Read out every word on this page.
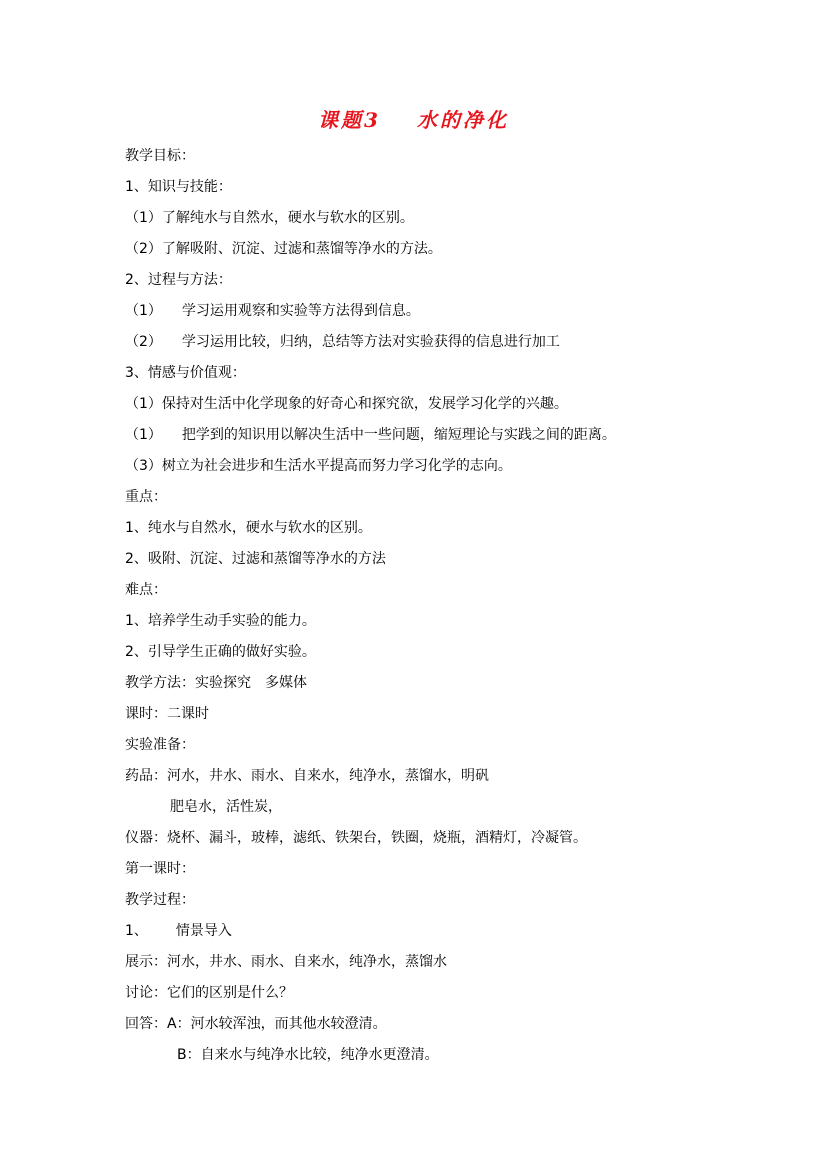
课题3 水的净化
教学目标：
1、知识与技能：
（1）了解纯水与自然水，硬水与软水的区别。
（2）了解吸附、沉淀、过滤和蒸馏等净水的方法。
2、过程与方法：
（1） 学习运用观察和实验等方法得到信息。
（2） 学习运用比较，归纳，总结等方法对实验获得的信息进行加工
3、情感与价值观：
（1）保持对生活中化学现象的好奇心和探究欲，发展学习化学的兴趣。
（1） 把学到的知识用以解决生活中一些问题，缩短理论与实践之间的距离。
（3）树立为社会进步和生活水平提高而努力学习化学的志向。
重点：
1、纯水与自然水，硬水与软水的区别。
2、吸附、沉淀、过滤和蒸馏等净水的方法
难点：
1、培养学生动手实验的能力。
2、引导学生正确的做好实验。
教学方法：实验探究　多媒体
课时：二课时
实验准备：
药品：河水，井水、雨水、自来水，纯净水，蒸馏水，明矾
肥皂水，活性炭，
仪器：烧杯、漏斗，玻棒，滤纸、铁架台，铁圈，烧瓶，酒精灯，冷凝管。
第一课时：
教学过程：
1、 情景导入
展示：河水，井水、雨水、自来水，纯净水，蒸馏水
讨论：它们的区别是什么？
回答：A：河水较浑浊，而其他水较澄清。
B：自来水与纯净水比较，纯净水更澄清。
